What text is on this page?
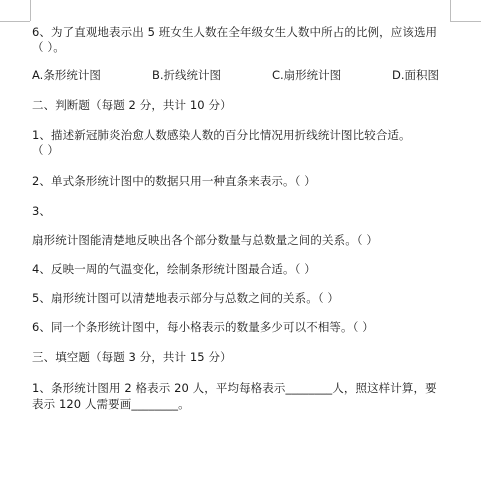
6、为了直观地表示出 5 班女生人数在全年级女生人数中所占的比例，应该选用
（ ）。
A.条形统计图	B.折线统计图	C.扇形统计图	D.面积图
二、判断题（每题 2 分，共计 10 分）
1、描述新冠肺炎治愈人数感染人数的百分比情况用折线统计图比较合适。
（ ）
2、单式条形统计图中的数据只用一种直条来表示。（ ）
3、
扇形统计图能清楚地反映出各个部分数量与总数量之间的关系。（ ）
4、反映一周的气温变化，绘制条形统计图最合适。（ ）
5、扇形统计图可以清楚地表示部分与总数之间的关系。（ ）
6、同一个条形统计图中，每小格表示的数量多少可以不相等。（ ）
三、填空题（每题 3 分，共计 15 分）
1、条形统计图用 2 格表示 20 人，平均每格表示________人，照这样计算，要
表示 120 人需要画________。
